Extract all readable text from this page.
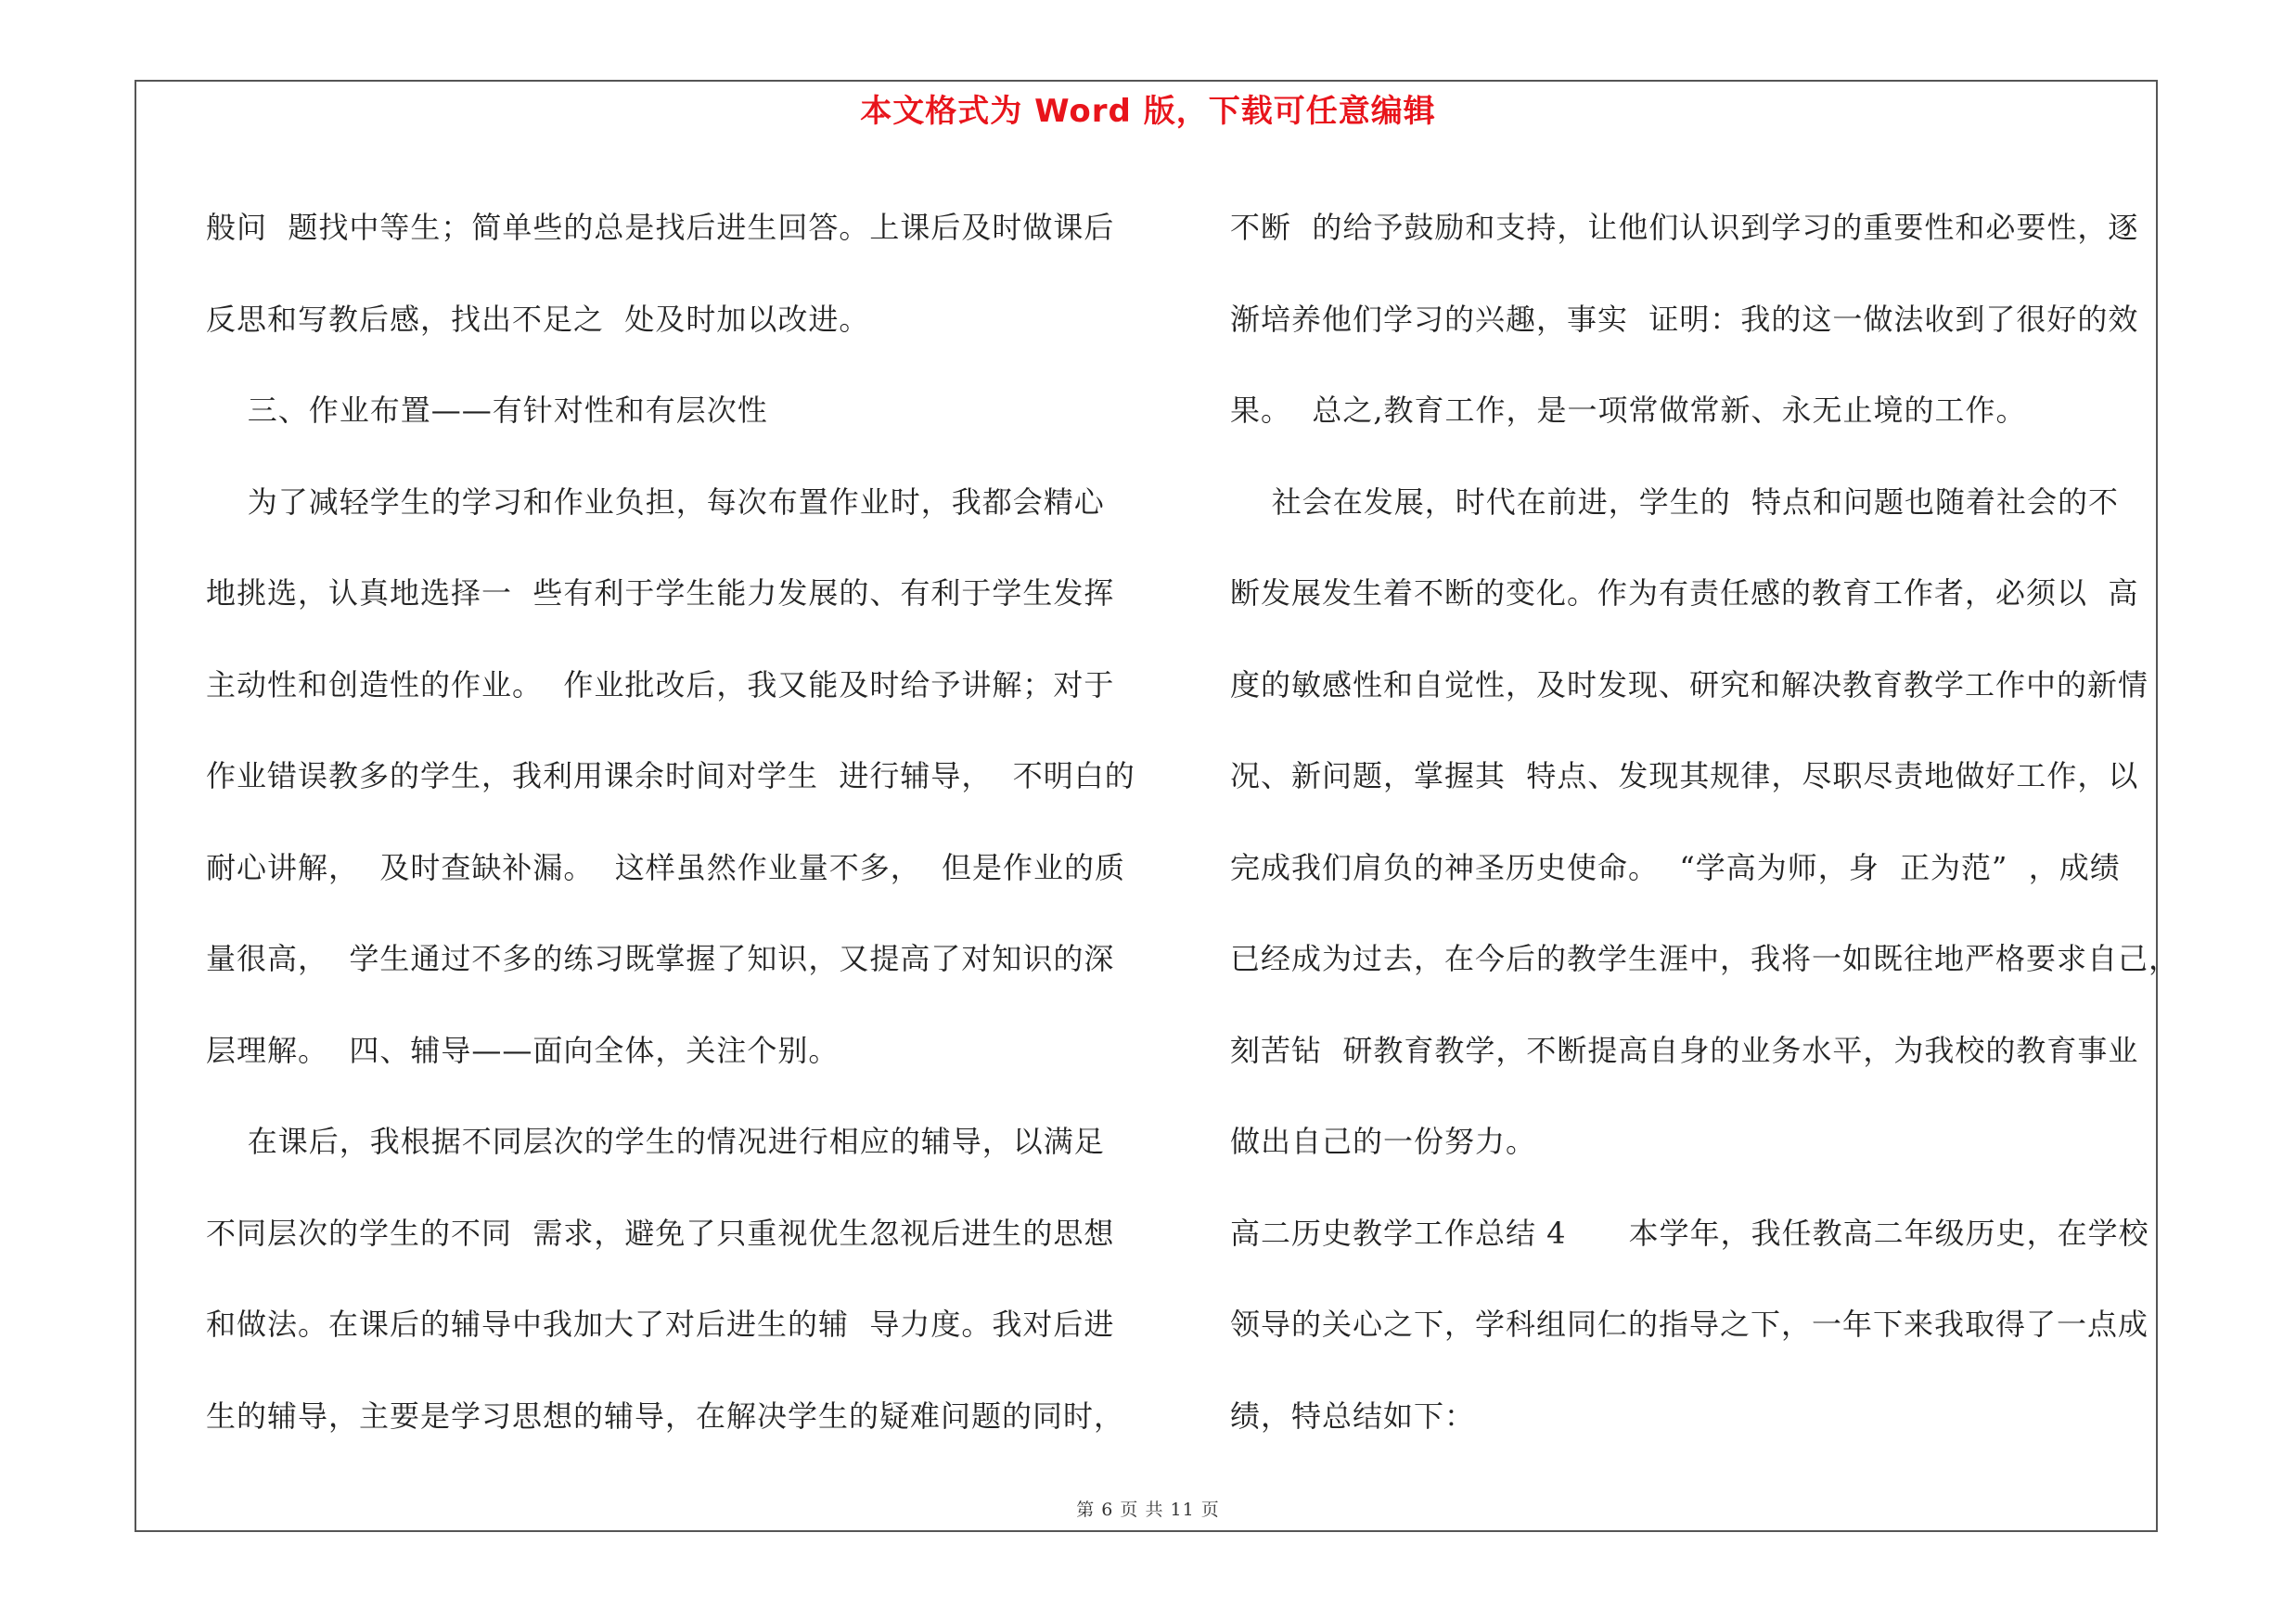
本文格式为 Word 版，下载可任意编辑
般问  题找中等生；简单些的总是找后进生回答。上课后及时做课后
反思和写教后感，找出不足之  处及时加以改进。
三、作业布置——有针对性和有层次性
为了减轻学生的学习和作业负担，每次布置作业时，我都会精心
地挑选，认真地选择一  些有利于学生能力发展的、有利于学生发挥
主动性和创造性的作业。  作业批改后，我又能及时给予讲解；对于
作业错误教多的学生，我利用课余时间对学生  进行辅导，  不明白的
耐心讲解，  及时查缺补漏。  这样虽然作业量不多，  但是作业的质
量很高，  学生通过不多的练习既掌握了知识，又提高了对知识的深
层理解。  四、辅导——面向全体，关注个别。
在课后，我根据不同层次的学生的情况进行相应的辅导，以满足
不同层次的学生的不同  需求，避免了只重视优生忽视后进生的思想
和做法。在课后的辅导中我加大了对后进生的辅  导力度。我对后进
生的辅导，主要是学习思想的辅导，在解决学生的疑难问题的同时，
不断  的给予鼓励和支持，让他们认识到学习的重要性和必要性，逐
渐培养他们学习的兴趣，事实  证明：我的这一做法收到了很好的效
果。  总之,教育工作，是一项常做常新、永无止境的工作。
社会在发展，时代在前进，学生的  特点和问题也随着社会的不
断发展发生着不断的变化。作为有责任感的教育工作者，必须以  高
度的敏感性和自觉性，及时发现、研究和解决教育教学工作中的新情
况、新问题，掌握其  特点、发现其规律，尽职尽责地做好工作，以
完成我们肩负的神圣历史使命。  “学高为师，身  正为范”  ，成绩
已经成为过去，在今后的教学生涯中，我将一如既往地严格要求自己，
刻苦钻  研教育教学，不断提高自身的业务水平，为我校的教育事业
做出自己的一份努力。
高二历史教学工作总结 4      本学年，我任教高二年级历史，在学校
领导的关心之下，学科组同仁的指导之下，一年下来我取得了一点成
绩，特总结如下：
第 6 页 共 11 页
